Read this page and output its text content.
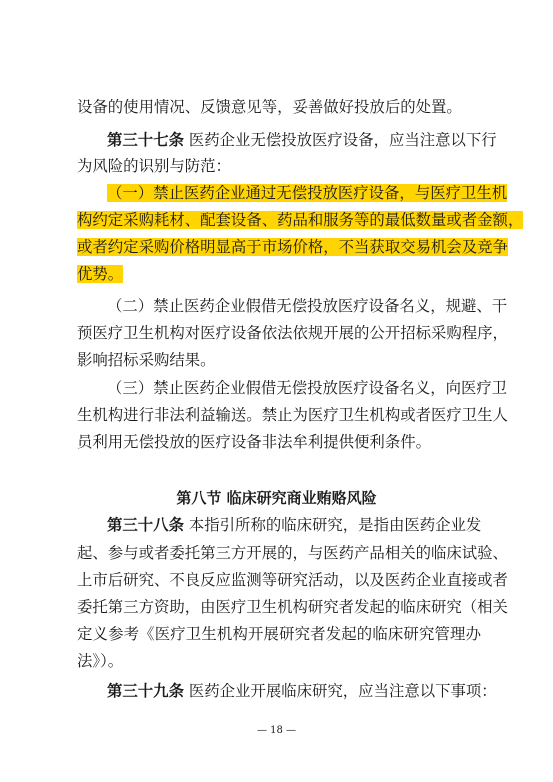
设备的使用情况、反馈意见等，妥善做好投放后的处置。
第三十七条 医药企业无偿投放医疗设备，应当注意以下行
为风险的识别与防范：
（一）禁止医药企业通过无偿投放医疗设备，与医疗卫生机
构约定采购耗材、配套设备、药品和服务等的最低数量或者金额，
或者约定采购价格明显高于市场价格，不当获取交易机会及竞争
优势。
（二）禁止医药企业假借无偿投放医疗设备名义，规避、干
预医疗卫生机构对医疗设备依法依规开展的公开招标采购程序，
影响招标采购结果。
（三）禁止医药企业假借无偿投放医疗设备名义，向医疗卫
生机构进行非法利益输送。禁止为医疗卫生机构或者医疗卫生人
员利用无偿投放的医疗设备非法牟利提供便利条件。
第八节 临床研究商业贿赂风险
第三十八条 本指引所称的临床研究，是指由医药企业发
起、参与或者委托第三方开展的，与医药产品相关的临床试验、
上市后研究、不良反应监测等研究活动，以及医药企业直接或者
委托第三方资助，由医疗卫生机构研究者发起的临床研究（相关
定义参考《医疗卫生机构开展研究者发起的临床研究管理办
法》）。
第三十九条 医药企业开展临床研究，应当注意以下事项：
— 18 —
